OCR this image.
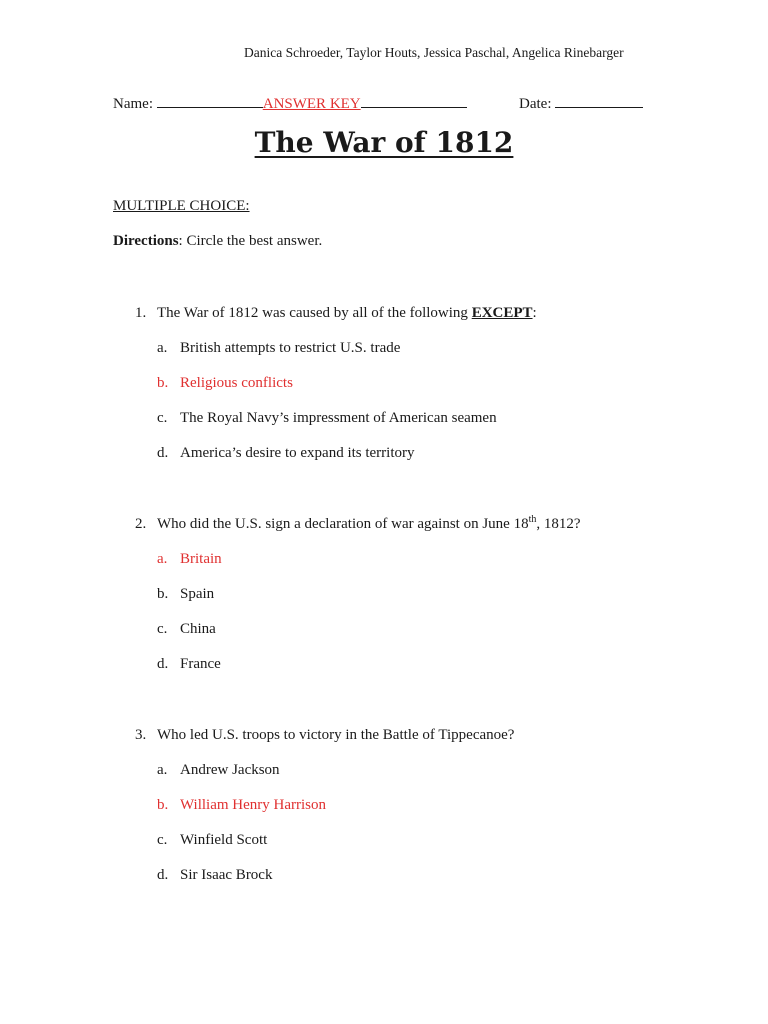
Danica Schroeder, Taylor Houts, Jessica Paschal, Angelica Rinebarger
Name:	ANSWER KEY	Date:
The War of 1812
MULTIPLE CHOICE:
Directions: Circle the best answer.
1. The War of 1812 was caused by all of the following EXCEPT:
a. British attempts to restrict U.S. trade
b. Religious conflicts
c. The Royal Navy’s impressment of American seamen
d. America’s desire to expand its territory
2. Who did the U.S. sign a declaration of war against on June 18th, 1812?
a. Britain
b. Spain
c. China
d. France
3. Who led U.S. troops to victory in the Battle of Tippecanoe?
a. Andrew Jackson
b. William Henry Harrison
c. Winfield Scott
d. Sir Isaac Brock
